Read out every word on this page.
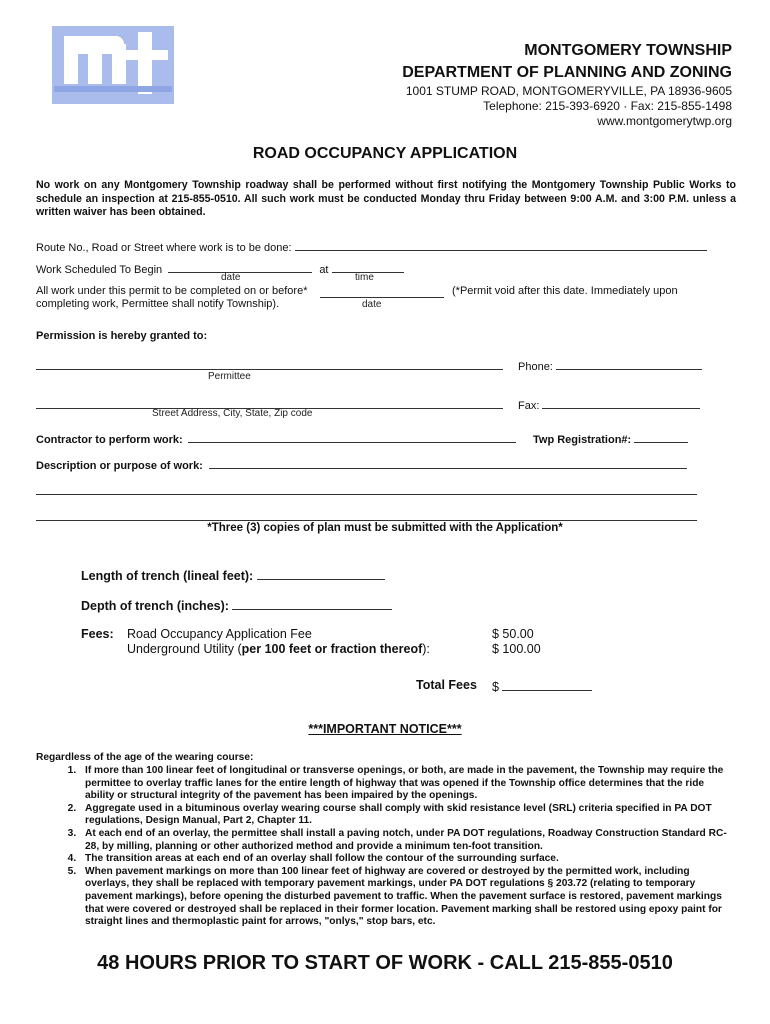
MONTGOMERY TOWNSHIP
DEPARTMENT OF PLANNING AND ZONING
1001 STUMP ROAD, MONTGOMERYVILLE, PA 18936-9605
Telephone: 215-393-6920 · Fax: 215-855-1498
www.montgomerytwp.org
ROAD OCCUPANCY APPLICATION
No work on any Montgomery Township roadway shall be performed without first notifying the Montgomery Township Public Works to schedule an inspection at 215-855-0510. All such work must be conducted Monday thru Friday between 9:00 A.M. and 3:00 P.M. unless a written waiver has been obtained.
Route No., Road or Street where work is to be done:
Work Scheduled To Begin	at
date	time
All work under this permit to be completed on or before*	(*Permit void after this date. Immediately upon
completing work, Permittee shall notify Township).	date
Permission is hereby granted to:
Phone:
Permittee
Fax:
Street Address, City, State, Zip code
Contractor to perform work:	Twp Registration#:
Description or purpose of work:
*Three (3) copies of plan must be submitted with the Application*
Length of trench (lineal feet):
Depth of trench (inches):
Fees: Road Occupancy Application Fee	$ 50.00
Underground Utility (per 100 feet or fraction thereof):	$ 100.00
Total Fees $
***IMPORTANT NOTICE***
Regardless of the age of the wearing course:
1. If more than 100 linear feet of longitudinal or transverse openings, or both, are made in the pavement, the Township may require the permittee to overlay traffic lanes for the entire length of highway that was opened if the Township office determines that the ride ability or structural integrity of the pavement has been impaired by the openings.
2. Aggregate used in a bituminous overlay wearing course shall comply with skid resistance level (SRL) criteria specified in PA DOT regulations, Design Manual, Part 2, Chapter 11.
3. At each end of an overlay, the permittee shall install a paving notch, under PA DOT regulations, Roadway Construction Standard RC-28, by milling, planning or other authorized method and provide a minimum ten-foot transition.
4. The transition areas at each end of an overlay shall follow the contour of the surrounding surface.
5. When pavement markings on more than 100 linear feet of highway are covered or destroyed by the permitted work, including overlays, they shall be replaced with temporary pavement markings, under PA DOT regulations § 203.72 (relating to temporary pavement markings), before opening the disturbed pavement to traffic. When the pavement surface is restored, pavement markings that were covered or destroyed shall be replaced in their former location. Pavement marking shall be restored using epoxy paint for straight lines and thermoplastic paint for arrows, "onlys," stop bars, etc.
48 HOURS PRIOR TO START OF WORK - CALL 215-855-0510
